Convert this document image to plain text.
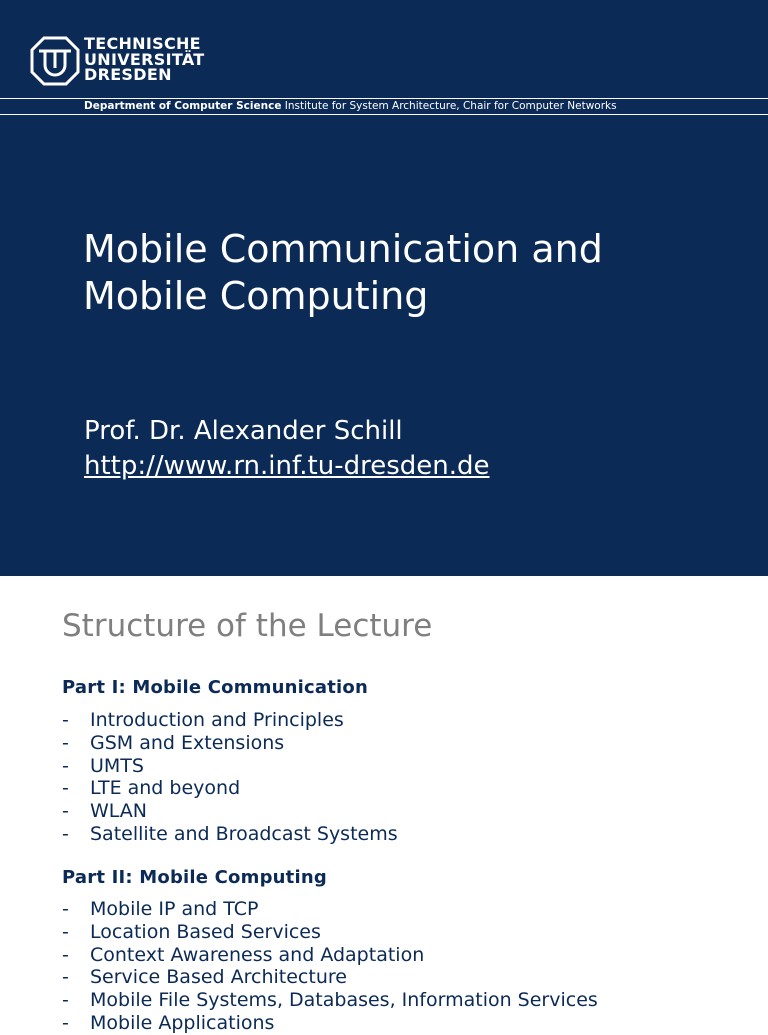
TECHNISCHE
UNIVERSITÄT
DRESDEN
Department of Computer Science Institute for System Architecture, Chair for Computer Networks
Mobile Communication and
Mobile Computing
Prof. Dr. Alexander Schill
http://www.rn.inf.tu-dresden.de
Structure of the Lecture
Part I: Mobile Communication
-	Introduction and Principles
-	GSM and Extensions
-	UMTS
-	LTE and beyond
-	WLAN
-	Satellite and Broadcast Systems
Part II: Mobile Computing
-	Mobile IP and TCP
-	Location Based Services
-	Context Awareness and Adaptation
-	Service Based Architecture
-	Mobile File Systems, Databases, Information Services
-	Mobile Applications
